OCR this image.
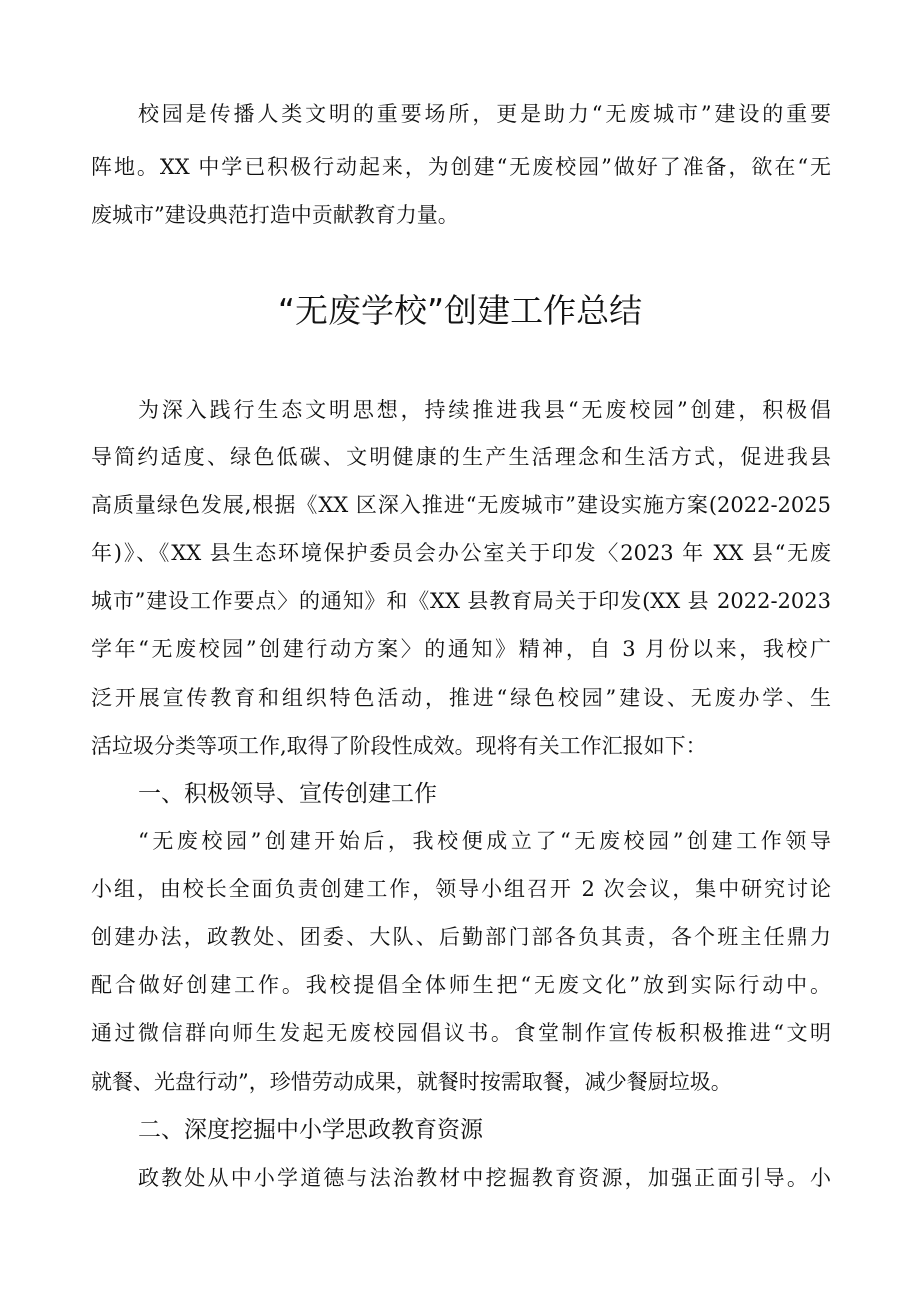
校园是传播人类文明的重要场所，更是助力“无废城市”建设的重要
阵地。XX 中学已积极行动起来，为创建“无废校园”做好了准备，欲在“无
废城市”建设典范打造中贡献教育力量。
“无废学校”创建工作总结
为深入践行生态文明思想，持续推进我县“无废校园”创建，积极倡
导简约适度、绿色低碳、文明健康的生产生活理念和生活方式，促进我县
高质量绿色发展,根据《XX 区深入推进“无废城市”建设实施方案(2022-2025
年)》、《XX 县生态环境保护委员会办公室关于印发〈2023 年 XX 县“无废
城市”建设工作要点〉的通知》和《XX 县教育局关于印发(XX 县 2022-2023
学年“无废校园”创建行动方案〉的通知》精神，自 3 月份以来，我校广
泛开展宣传教育和组织特色活动，推进“绿色校园”建设、无废办学、生
活垃圾分类等项工作,取得了阶段性成效。现将有关工作汇报如下：
一、积极领导、宣传创建工作
“无废校园”创建开始后，我校便成立了“无废校园”创建工作领导
小组，由校长全面负责创建工作，领导小组召开 2 次会议，集中研究讨论
创建办法，政教处、团委、大队、后勤部门部各负其责，各个班主任鼎力
配合做好创建工作。我校提倡全体师生把“无废文化”放到实际行动中。
通过微信群向师生发起无废校园倡议书。食堂制作宣传板积极推进“文明
就餐、光盘行动”，珍惜劳动成果，就餐时按需取餐，减少餐厨垃圾。
二、深度挖掘中小学思政教育资源
政教处从中小学道德与法治教材中挖掘教育资源，加强正面引导。小
